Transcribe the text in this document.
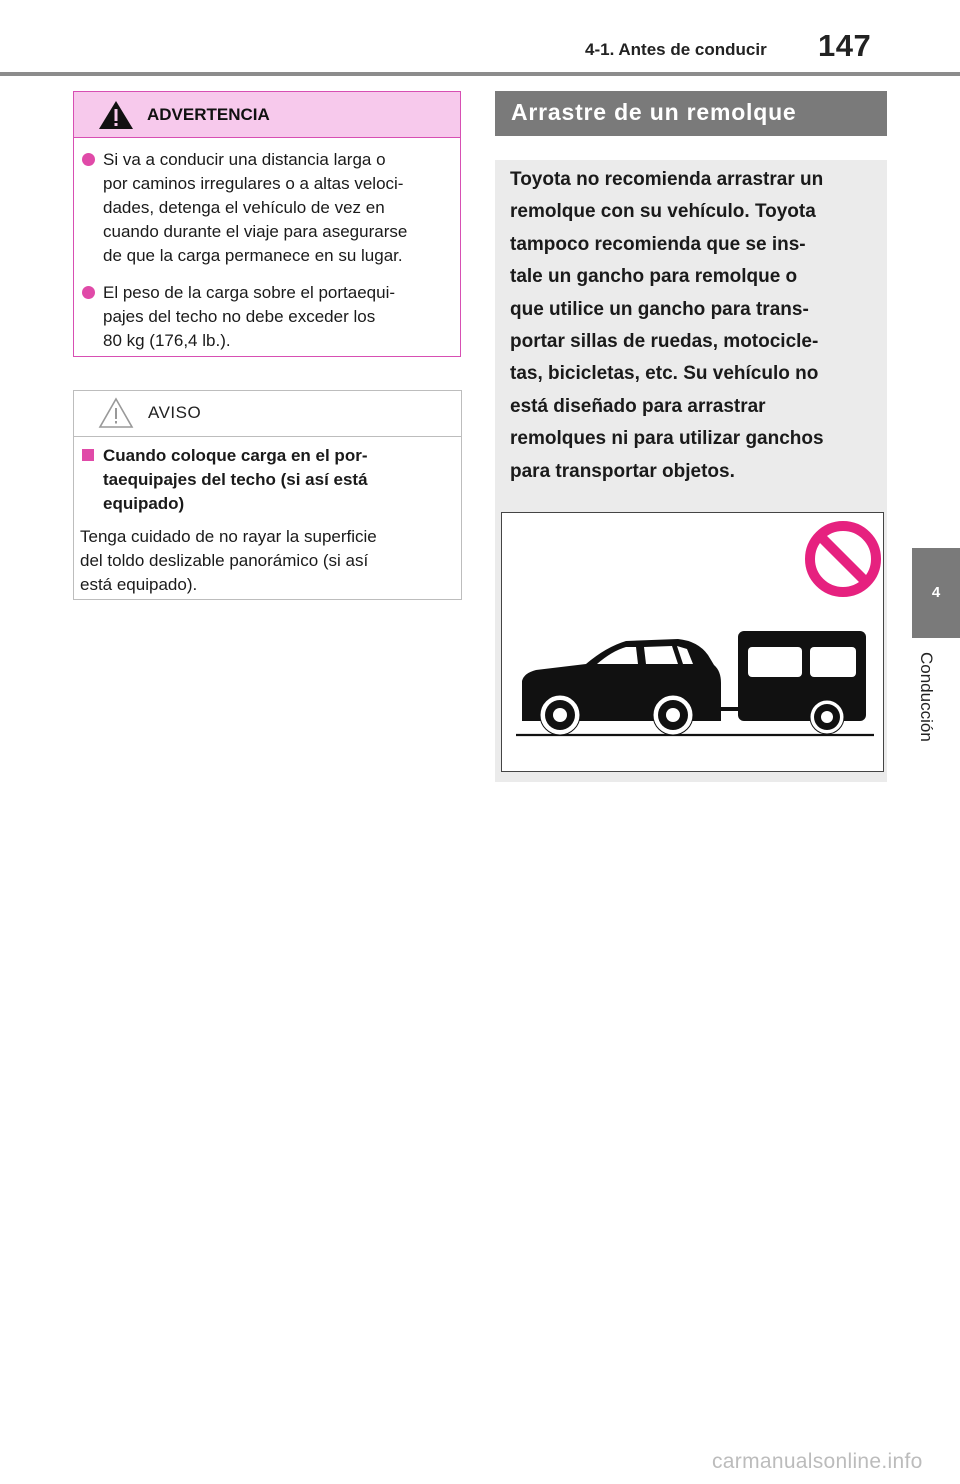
4-1. Antes de conducir 147
4
Conducción
ADVERTENCIA
Si va a conducir una distancia larga o
por caminos irregulares o a altas veloci-
dades, detenga el vehículo de vez en
cuando durante el viaje para asegurarse
de que la carga permanece en su lugar.
El peso de la carga sobre el portaequi-
pajes del techo no debe exceder los
80 kg (176,4 lb.).
AVISO
Cuando coloque carga en el por-
taequipajes del techo (si así está
equipado)
Tenga cuidado de no rayar la superficie
del toldo deslizable panorámico (si así
está equipado).
Arrastre de un remolque
Toyota no recomienda arrastrar un
remolque con su vehículo. Toyota
tampoco recomienda que se ins-
tale un gancho para remolque o
que utilice un gancho para trans-
portar sillas de ruedas, motocicle-
tas, bicicletas, etc. Su vehículo no
está diseñado para arrastrar
remolques ni para utilizar ganchos
para transportar objetos.
carmanualsonline.info
